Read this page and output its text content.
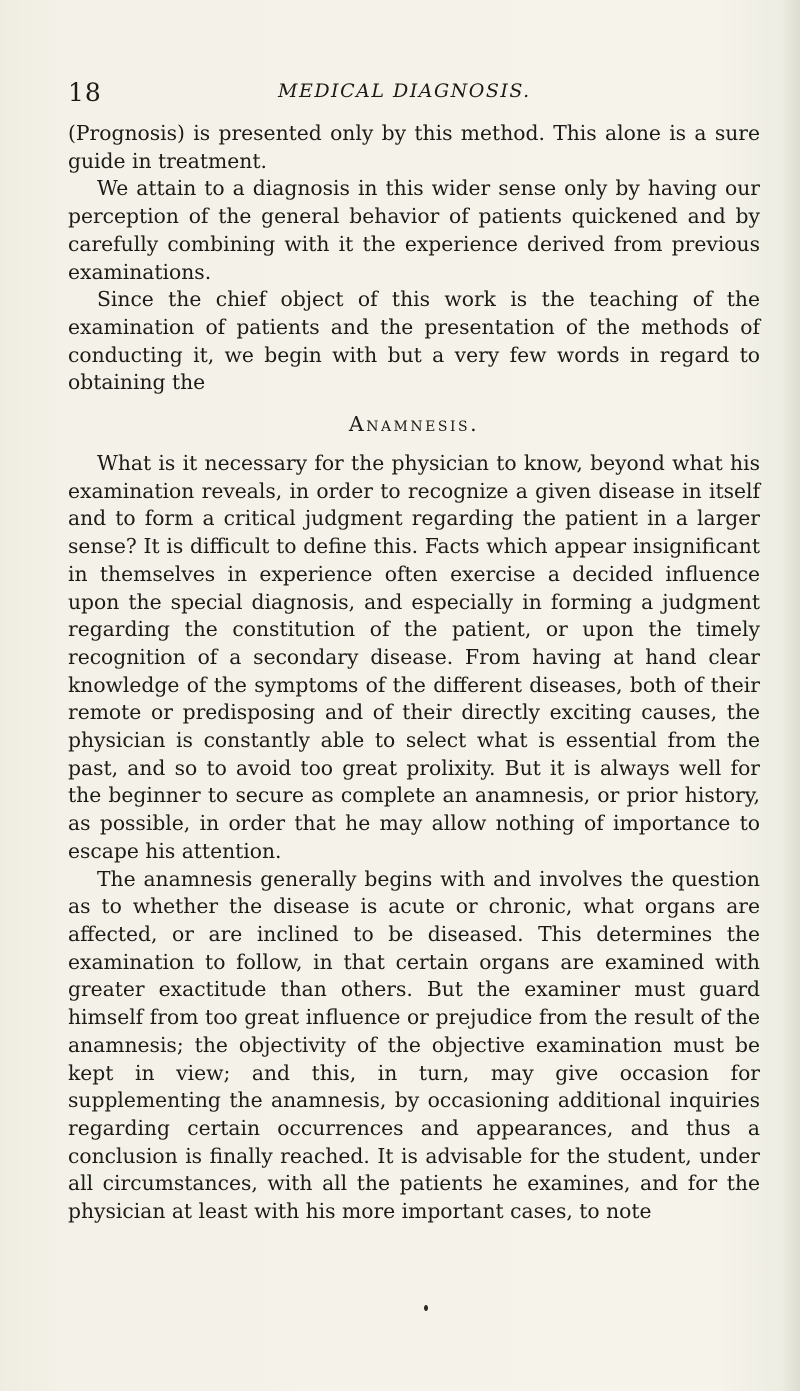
18	MEDICAL DIAGNOSIS.

(Prognosis) is presented only by this method. This alone is a sure guide in treatment.

We attain to a diagnosis in this wider sense only by having our perception of the general behavior of patients quickened and by carefully combining with it the experience derived from previous examinations.

Since the chief object of this work is the teaching of the examination of patients and the presentation of the methods of conducting it, we begin with but a very few words in regard to obtaining the

Anamnesis.

What is it necessary for the physician to know, beyond what his examination reveals, in order to recognize a given disease in itself and to form a critical judgment regarding the patient in a larger sense? It is difficult to define this. Facts which appear insignificant in themselves in experience often exercise a decided influence upon the special diagnosis, and especially in forming a judgment regarding the constitution of the patient, or upon the timely recognition of a secondary disease. From having at hand clear knowledge of the symptoms of the different diseases, both of their remote or predisposing and of their directly exciting causes, the physician is constantly able to select what is essential from the past, and so to avoid too great prolixity. But it is always well for the beginner to secure as complete an anamnesis, or prior history, as possible, in order that he may allow nothing of importance to escape his attention.

The anamnesis generally begins with and involves the question as to whether the disease is acute or chronic, what organs are affected, or are inclined to be diseased. This determines the examination to follow, in that certain organs are examined with greater exactitude than others. But the examiner must guard himself from too great influence or prejudice from the result of the anamnesis; the objectivity of the objective examination must be kept in view; and this, in turn, may give occasion for supplementing the anamnesis, by occasioning additional inquiries regarding certain occurrences and appearances, and thus a conclusion is finally reached. It is advisable for the student, under all circumstances, with all the patients he examines, and for the physician at least with his more important cases, to note
